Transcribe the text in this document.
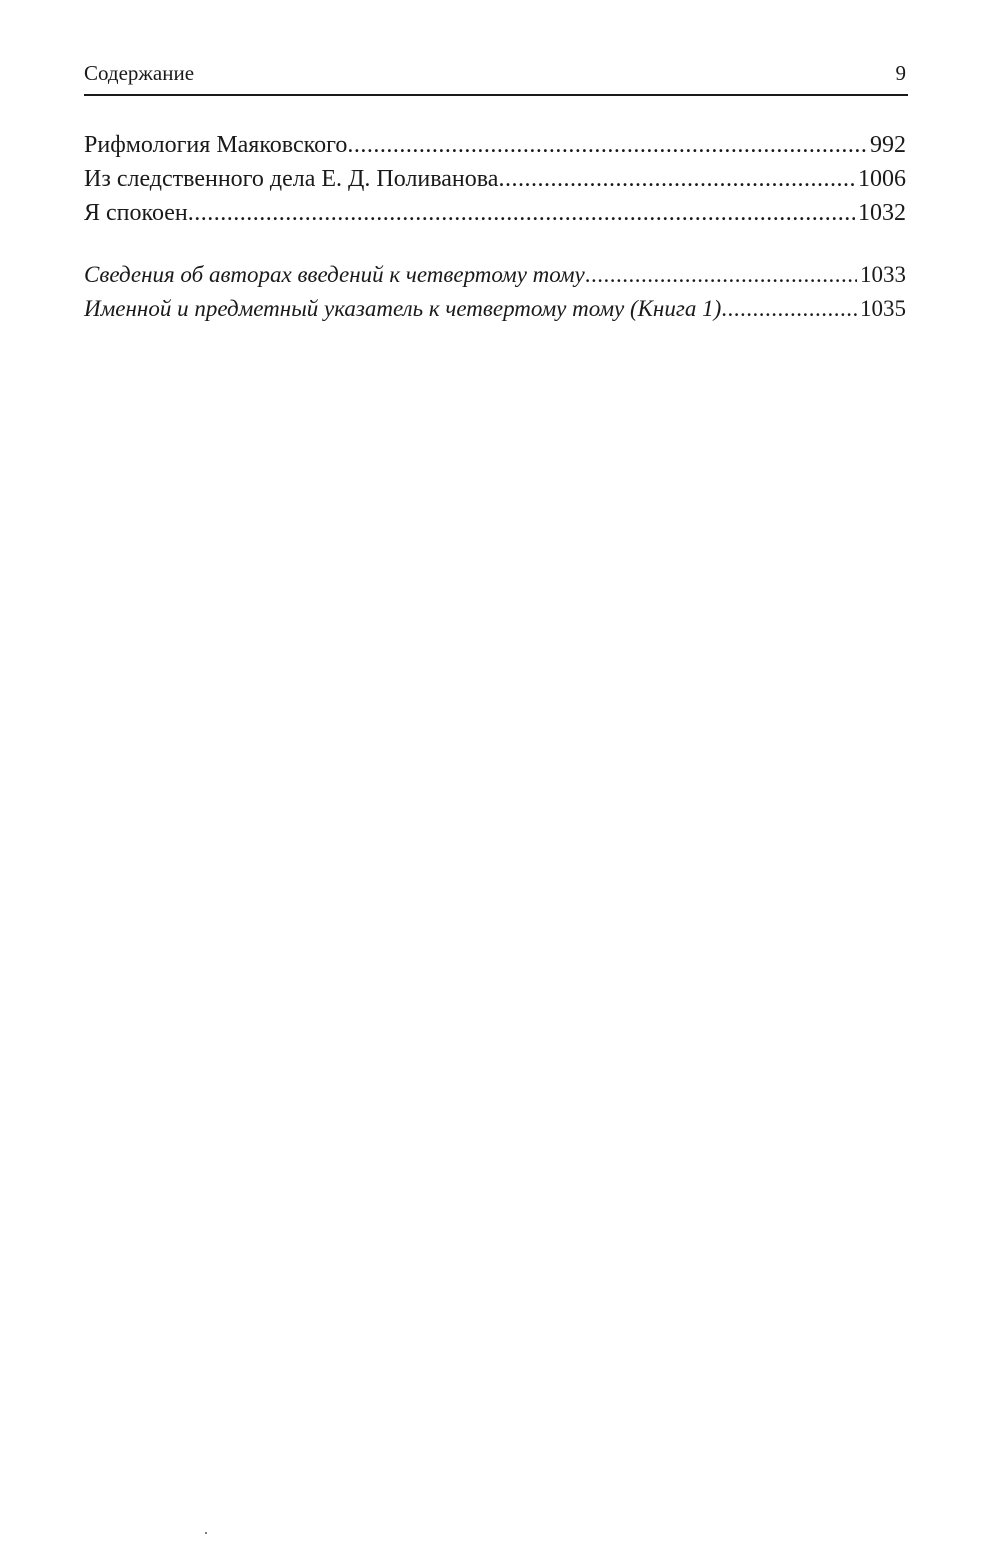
Содержание	9
Рифмология Маяковского .....	992
Из следственного дела Е. Д. Поливанова .....	1006
Я спокоен .....	1032
Сведения об авторах введений к четвертому тому .....	1033
Именной и предметный указатель к четвертому тому (Книга 1) .....	1035
